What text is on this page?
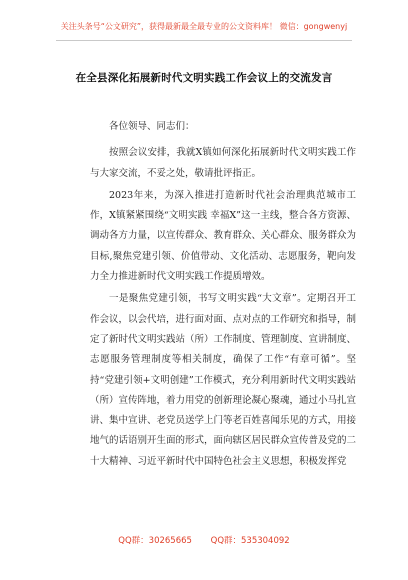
关注头条号“公文研究”，获得最新最全最专业的公文资料库！ 微信：gongwenyj
在全县深化拓展新时代文明实践工作会议上的交流发言

各位领导、同志们：

按照会议安排，我就X镇如何深化拓展新时代文明实践工作与大家交流，不妥之处，敬请批评指正。

2023年来，为深入推进打造新时代社会治理典范城市工作，X镇紧紧围绕“文明实践 幸福X”这一主线，整合各方资源、调动各方力量，以宣传群众、教育群众、关心群众、服务群众为目标,聚焦党建引领、价值带动、文化活动、志愿服务，靶向发力全力推进新时代文明实践工作提质增效。

一是聚焦党建引领，书写文明实践“大文章”。定期召开工作会议，以会代培，进行面对面、点对点的工作研究和指导，制定了新时代文明实践站（所）工作制度、管理制度、宣讲制度、志愿服务管理制度等相关制度，确保了工作“有章可循”。坚持“党建引领+文明创建”工作模式，充分利用新时代文明实践站（所）宣传阵地，着力用党的创新理论凝心聚魂，通过小马扎宣讲、集中宣讲、老党员送学上门等老百姓喜闻乐见的方式，用接地气的话语别开生面的形式，面向辖区居民群众宣传普及党的二十大精神、习近平新时代中国特色社会主义思想，积极发挥党

QQ群：30265665 QQ群：535304092
